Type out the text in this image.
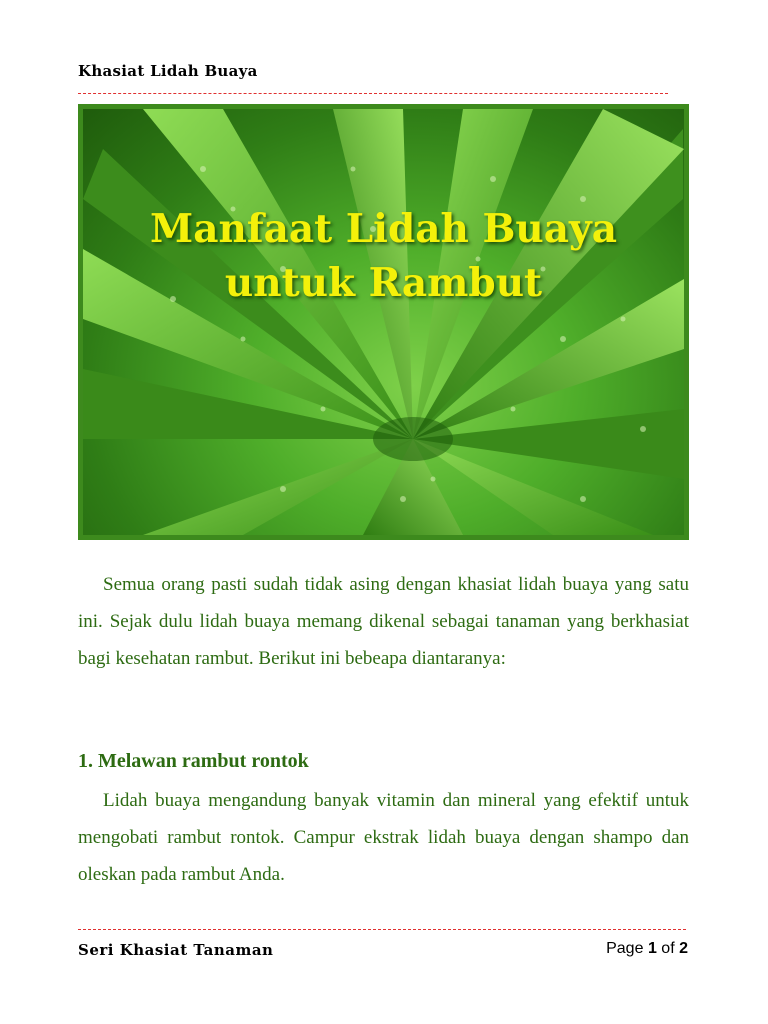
Khasiat Lidah Buaya
Manfaat Lidah Buaya
untuk Rambut

Semua orang pasti sudah tidak asing dengan khasiat lidah buaya yang satu ini. Sejak dulu lidah buaya memang dikenal sebagai tanaman yang berkhasiat bagi kesehatan rambut. Berikut ini bebeapa diantaranya:

1. Melawan rambut rontok

Lidah buaya mengandung banyak vitamin dan mineral yang efektif untuk mengobati rambut rontok. Campur ekstrak lidah buaya dengan shampo dan oleskan pada rambut Anda.

Seri Khasiat Tanaman	Page 1 of 2
